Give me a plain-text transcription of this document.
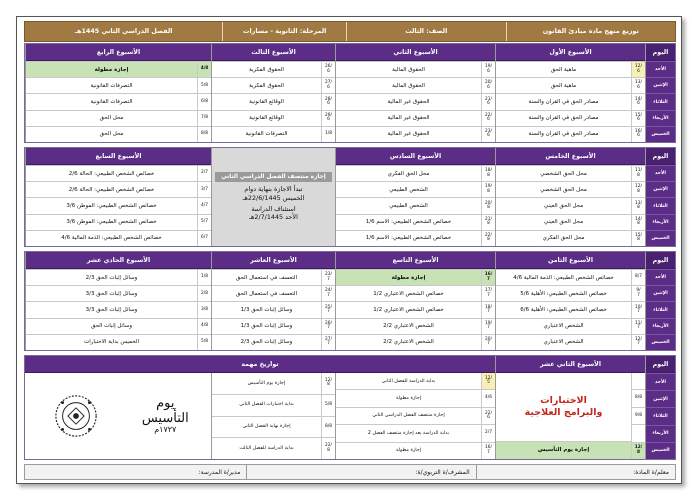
توزيع منهج مادة مبادئ القانون
الصف: الثالث
المرحلة: الثانوية - مسارات
الفصل الدراسي الثاني 1445هـ
اليوم
الأحد
الإثنين
الثلاثاء
الأربعاء
الخميس
الأسبوع الأول
12/
6
ماهية الحق
13/
6
ماهية الحق
14/
6
مصادر الحق في القران والسنة
15/
6
مصادر الحق في القران والسنة
16/
6
مصادر الحق في القران والسنة
الأسبوع الثاني
19/
6
الحقوق المالية
20/
6
الحقوق المالية
21/
6
الحقوق غير المالية
22/
6
الحقوق غير المالية
23/
6
الحقوق غير المالية
الأسبوع الثالث
26/
6
الحقوق الفكرية
27/
6
الحقوق الفكرية
28/
6
الوقائع القانونية
29/
6
الوقائع القانونية
1/8
التصرفات القانونية
الأسبوع الرابع
4/8
إجازة مطولة
5/8
التصرفات القانونية
6/8
التصرفات القانونية
7/8
محل الحق
8/8
محل الحق
اليوم
الأحد
الإثنين
الثلاثاء
الأربعاء
الخميس
الأسبوع الخامس
11/
8
محل الحق الشخصي
12/
8
محل الحق الشخصي
13/
8
محل الحق العيني
14/
8
محل الحق العيني
15/
8
محل الحق الفكري
الأسبوع السادس
18/
8
محل الحق الفكري
19/
8
الشخص الطبيعي
20/
8
الشخص الطبيعي
21/
8
خصائص الشخص الطبيعي: الاسم 1/6
22/
8
خصائص الشخص الطبيعي: الاسم 1/6
إجازة منتصف الفصل الدراسي الثاني
تبدأ الاجازة بنهاية دوام
الخميس 22/6/1445هـ
استئناف الدراسة
الأحد 2/7/1445هـ
الأسبوع السابع
2/7
خصائص الشخص الطبيعي: الحالة 2/6
3/7
خصائص الشخص الطبيعي: الحالة 2/6
4/7
خصائص الشخص الطبيعي: الموطن 3/6
5/7
خصائص الشخص الطبيعي: الموطن 3/6
6/7
خصائص الشخص الطبيعي: الذمة المالية 4/6
اليوم
الأحد
الإثنين
الثلاثاء
الأربعاء
الخميس
الأسبوع الثامن
8/7
خصائص الشخص الطبيعي: الذمة المالية 4/6
9/
7
خصائص الشخص الطبيعي: الأهلية 5/6
10/
7
خصائص الشخص الطبيعي: الأهلية 6/6
11/
7
الشخص الاعتباري
12/
7
الشخص الاعتباري
الأسبوع التاسع
16/
7
إجازة مطولة
17/
7
خصائص الشخص الاعتباري 1/2
18/
7
خصائص الشخص الاعتباري 1/2
19/
7
الشخص الاعتباري 2/2
20/
7
الشخص الاعتباري 2/2
الأسبوع العاشر
23/
7
التعسف في استعمال الحق
24/
7
التعسف في استعمال الحق
25/
7
وسائل إثبات الحق 1/3
26/
7
وسائل إثبات الحق 1/3
27/
7
وسائل إثبات الحق 2/3
الأسبوع الحادي عشر
1/8
وسائل إثبات الحق 2/3
2/8
وسائل إثبات الحق 3/3
3/8
وسائل إثبات الحق 3/3
4/8
وسائل إثبات الحق
5/8
الخميس بداية الاختبارات
اليوم
الأحد
الإثنين
الثلاثاء
الأربعاء
الخميس
الأسبوع الثاني عشر
8/8
9/8
12/
8
الاختبارات
والبرامج العلاجية
إجازة يوم التأسيس
تواريخ مهمة
12/
5
بداية الدراسة للفصل الثاني
4/6
إجازة مطولة
22/
6
إجازة منتصف الفصل الدراسي الثاني
2/7
بداية الدراسة بعد إجازة منتصف الفصل 2
16/
7
إجازة مطولة
12/
8
إجازة يوم التأسيس
5/8
بداية اختبارات الفصل الثاني
8/8
إجازة نهاية الفصل الثاني
22/
8
بداية الدراسة للفصل الثالث
يوم
التأسيس
١٧٢٧م
معلم/ة المادة:
المشرف/ة التربوي/ة:
مدير/ة المدرسة:
